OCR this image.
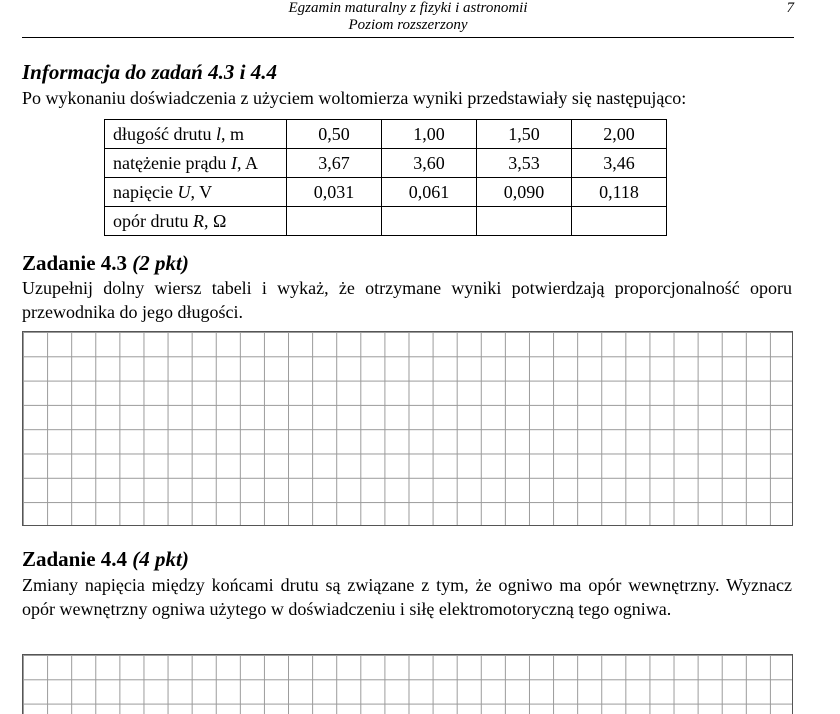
Egzamin maturalny z fizyki i astronomii
Poziom rozszerzony
7
Informacja do zadań 4.3 i 4.4
Po wykonaniu doświadczenia z użyciem woltomierza wyniki przedstawiały się następująco:
długość drutu l, m	0,50	1,00	1,50	2,00
natężenie prądu I, A	3,67	3,60	3,53	3,46
napięcie U, V	0,031	0,061	0,090	0,118
opór drutu R, Ω				
Zadanie 4.3 (2 pkt)
Uzupełnij dolny wiersz tabeli i wykaż, że otrzymane wyniki potwierdzają proporcjonalność oporu przewodnika do jego długości.
Zadanie 4.4 (4 pkt)
Zmiany napięcia między końcami drutu są związane z tym, że ogniwo ma opór wewnętrzny. Wyznacz opór wewnętrzny ogniwa użytego w doświadczeniu i siłę elektromotoryczną tego ogniwa.
